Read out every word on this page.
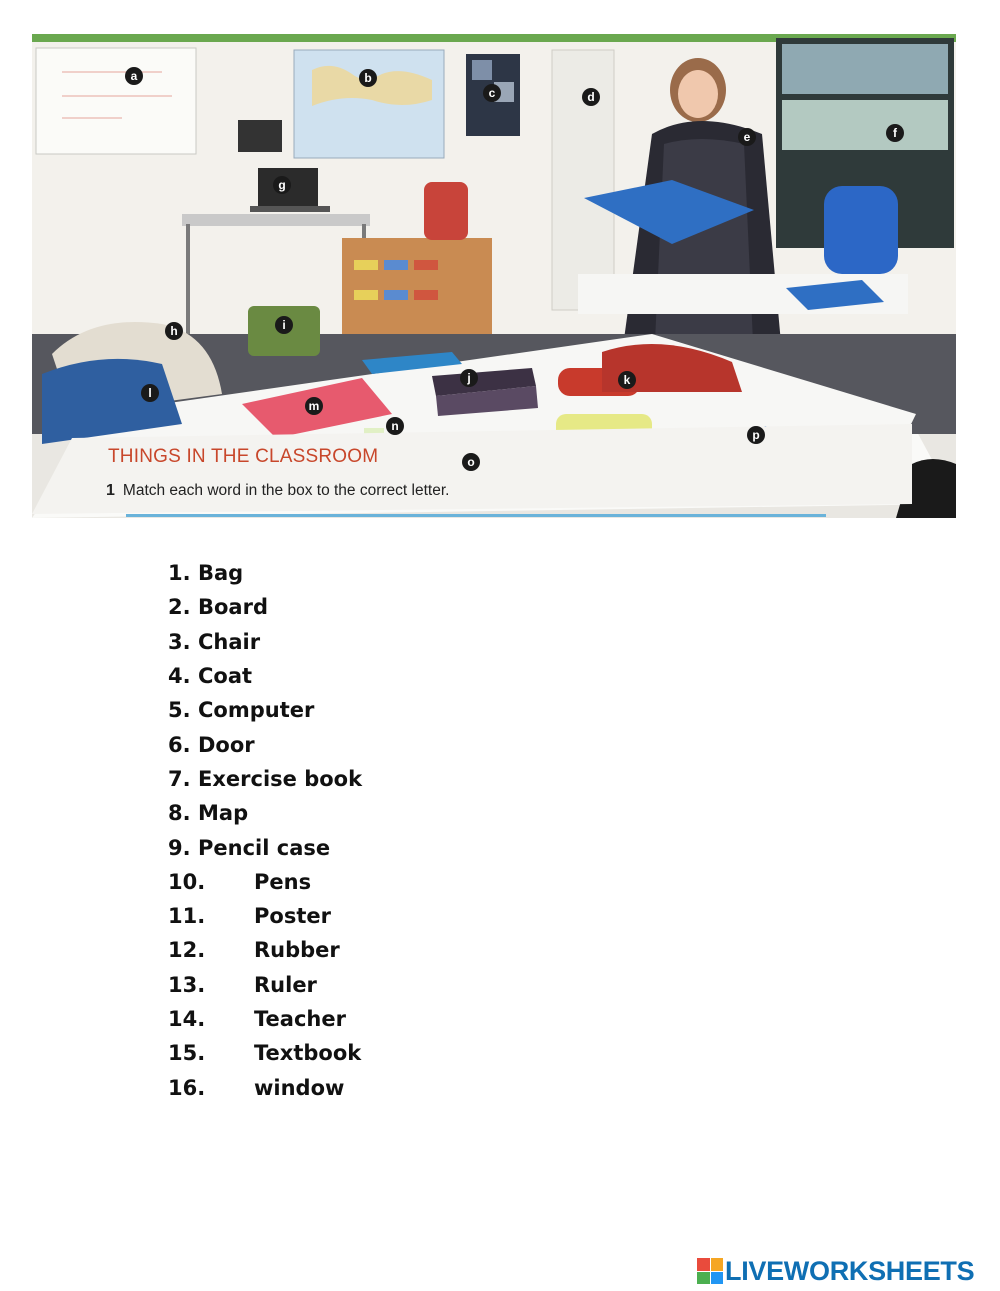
a	b
c	d
e	f
g
h	i
l
j	k
m
n
o
p
THINGS IN THE CLASSROOM
1 Match each word in the box to the correct letter.
1. Bag
2. Board
3. Chair
4. Coat
5. Computer
6. Door
7. Exercise book
8. Map
9. Pencil case
10.	Pens
11.	Poster
12.	Rubber
13.	Ruler
14.	Teacher
15.	Textbook
16.	window
LIVEWORKSHEETS
